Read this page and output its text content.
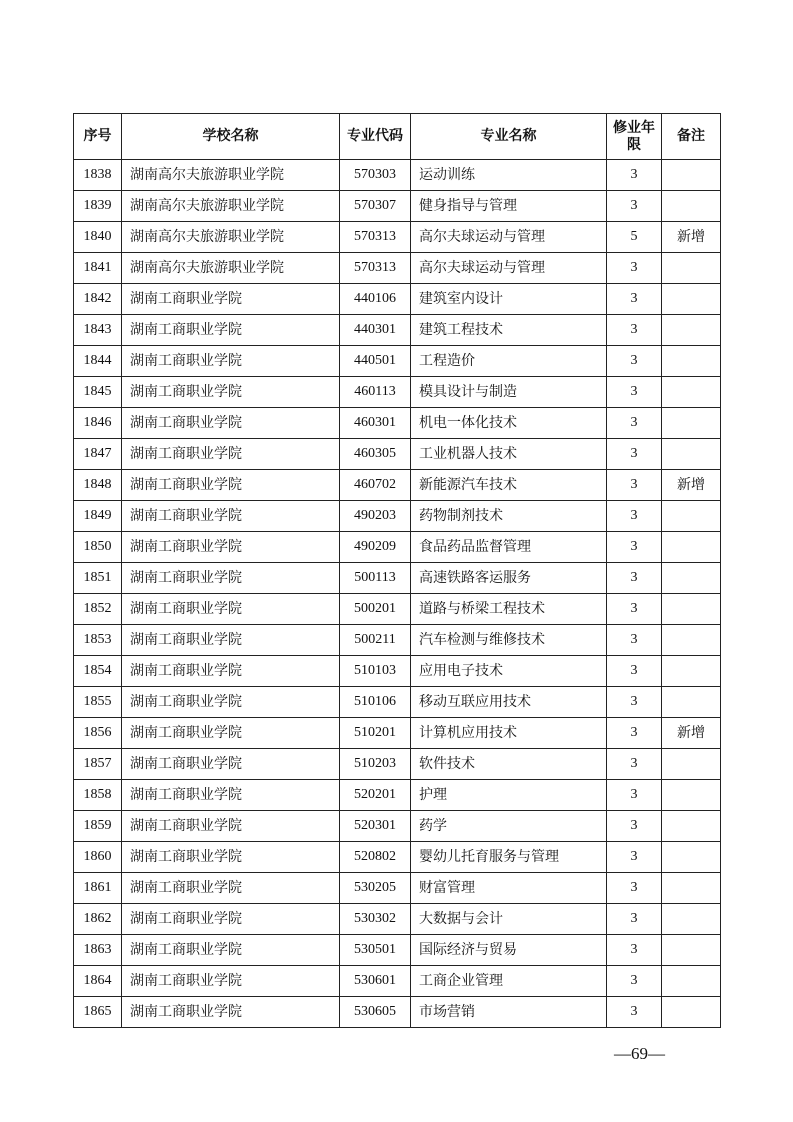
序号	学校名称	专业代码	专业名称	修业年限	备注
1838	湖南高尔夫旅游职业学院	570303	运动训练	3	
1839	湖南高尔夫旅游职业学院	570307	健身指导与管理	3	
1840	湖南高尔夫旅游职业学院	570313	高尔夫球运动与管理	5	新增
1841	湖南高尔夫旅游职业学院	570313	高尔夫球运动与管理	3	
1842	湖南工商职业学院	440106	建筑室内设计	3	
1843	湖南工商职业学院	440301	建筑工程技术	3	
1844	湖南工商职业学院	440501	工程造价	3	
1845	湖南工商职业学院	460113	模具设计与制造	3	
1846	湖南工商职业学院	460301	机电一体化技术	3	
1847	湖南工商职业学院	460305	工业机器人技术	3	
1848	湖南工商职业学院	460702	新能源汽车技术	3	新增
1849	湖南工商职业学院	490203	药物制剂技术	3	
1850	湖南工商职业学院	490209	食品药品监督管理	3	
1851	湖南工商职业学院	500113	高速铁路客运服务	3	
1852	湖南工商职业学院	500201	道路与桥梁工程技术	3	
1853	湖南工商职业学院	500211	汽车检测与维修技术	3	
1854	湖南工商职业学院	510103	应用电子技术	3	
1855	湖南工商职业学院	510106	移动互联应用技术	3	
1856	湖南工商职业学院	510201	计算机应用技术	3	新增
1857	湖南工商职业学院	510203	软件技术	3	
1858	湖南工商职业学院	520201	护理	3	
1859	湖南工商职业学院	520301	药学	3	
1860	湖南工商职业学院	520802	婴幼儿托育服务与管理	3	
1861	湖南工商职业学院	530205	财富管理	3	
1862	湖南工商职业学院	530302	大数据与会计	3	
1863	湖南工商职业学院	530501	国际经济与贸易	3	
1864	湖南工商职业学院	530601	工商企业管理	3	
1865	湖南工商职业学院	530605	市场营销	3	
—69—
